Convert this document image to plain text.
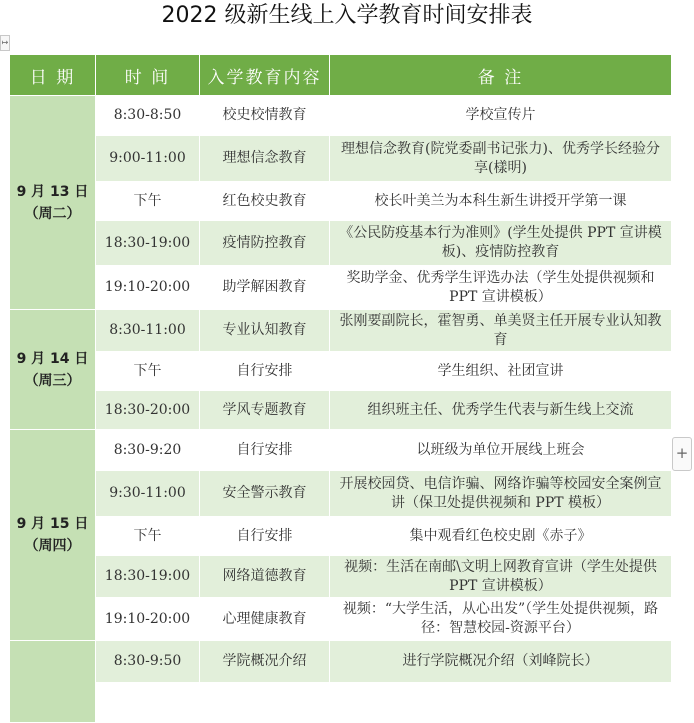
2022 级新生线上入学教育时间安排表
↦
+
日 期	时 间	入学教育内容	备 注

9 月 13 日
（周二）	8:30-8:50	校史校情教育	学校宣传片
	9:00-11:00	理想信念教育	理想信念教育(院党委副书记张力)、优秀学长经验分享(樣明)
	下午	红色校史教育	校长叶美兰为本科生新生讲授开学第一课
	18:30-19:00	疫情防控教育	《公民防疫基本行为准则》(学生处提供 PPT 宣讲模板)、疫情防控教育
	19:10-20:00	助学解困教育	奖助学金、优秀学生评选办法（学生处提供视频和 PPT 宣讲模板）

9 月 14 日
（周三）	8:30-11:00	专业认知教育	张刚要副院长，霍智勇、单美贤主任开展专业认知教育
	下午	自行安排	学生组织、社团宣讲
	18:30-20:00	学风专题教育	组织班主任、优秀学生代表与新生线上交流

9 月 15 日
（周四）	8:30-9:20	自行安排	以班级为单位开展线上班会
	9:30-11:00	安全警示教育	开展校园贷、电信诈骗、网络诈骗等校园安全案例宣讲（保卫处提供视频和 PPT 模板）
	下午	自行安排	集中观看红色校史剧《赤子》
	18:30-19:00	网络道德教育	视频：生活在南邮\文明上网教育宣讲（学生处提供 PPT 宣讲模板）
	19:10-20:00	心理健康教育	视频：“大学生活，从心出发”（学生处提供视频，路径：智慧校园-资源平台）

	8:30-9:50	学院概况介绍	进行学院概况介绍（刘峰院长）
